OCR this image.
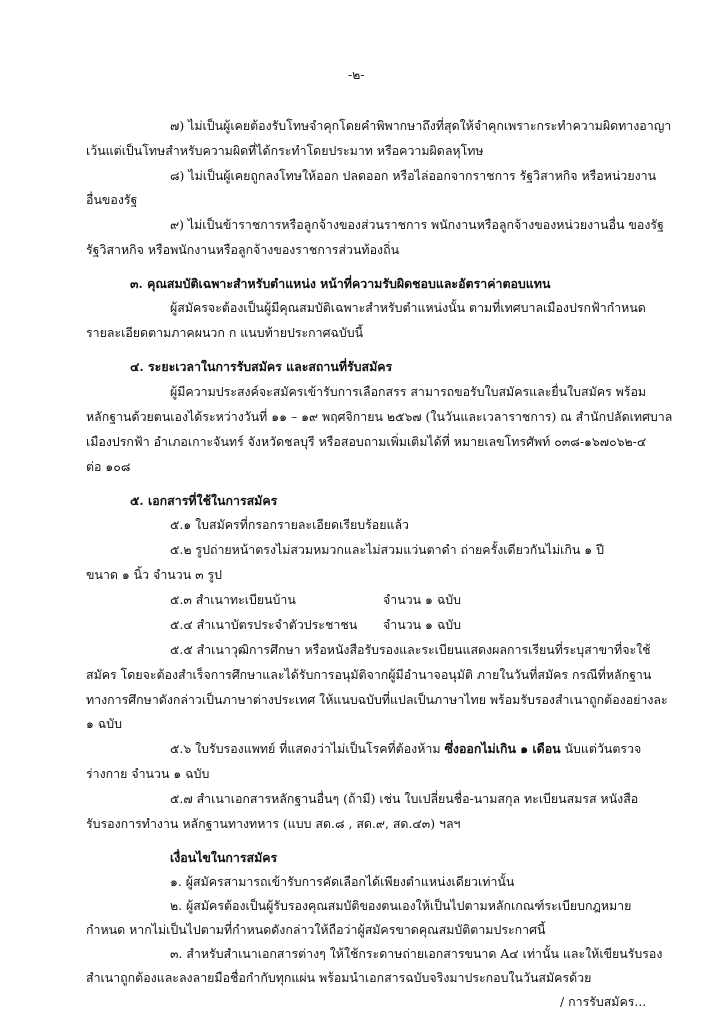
-๒-
๗) ไม่เป็นผู้เคยต้องรับโทษจำคุกโดยคำพิพากษาถึงที่สุดให้จำคุกเพราะกระทำความผิดทางอาญา
เว้นแต่เป็นโทษสำหรับความผิดที่ได้กระทำโดยประมาท หรือความผิดลหุโทษ
๘) ไม่เป็นผู้เคยถูกลงโทษให้ออก ปลดออก หรือไล่ออกจากราชการ รัฐวิสาหกิจ หรือหน่วยงาน
อื่นของรัฐ
๙) ไม่เป็นข้าราชการหรือลูกจ้างของส่วนราชการ พนักงานหรือลูกจ้างของหน่วยงานอื่น ของรัฐ
รัฐวิสาหกิจ หรือพนักงานหรือลูกจ้างของราชการส่วนท้องถิ่น
๓. คุณสมบัติเฉพาะสำหรับตำแหน่ง หน้าที่ความรับผิดชอบและอัตราค่าตอบแทน
ผู้สมัครจะต้องเป็นผู้มีคุณสมบัติเฉพาะสำหรับตำแหน่งนั้น ตามที่เทศบาลเมืองปรกฟ้ากำหนด
รายละเอียดตามภาคผนวก ก แนบท้ายประกาศฉบับนี้
๔. ระยะเวลาในการรับสมัคร และสถานที่รับสมัคร
ผู้มีความประสงค์จะสมัครเข้ารับการเลือกสรร สามารถขอรับใบสมัครและยื่นใบสมัคร พร้อม
หลักฐานด้วยตนเองได้ระหว่างวันที่ ๑๑ – ๑๙ พฤศจิกายน ๒๕๖๗ (ในวันและเวลาราชการ) ณ สำนักปลัดเทศบาล
เมืองปรกฟ้า อำเภอเกาะจันทร์ จังหวัดชลบุรี หรือสอบถามเพิ่มเติมได้ที่ หมายเลขโทรศัพท์ ๐๓๘-๑๖๗๐๖๒-๔
ต่อ ๑๐๘
๕. เอกสารที่ใช้ในการสมัคร
๕.๑ ใบสมัครที่กรอกรายละเอียดเรียบร้อยแล้ว
๕.๒ รูปถ่ายหน้าตรงไม่สวมหมวกและไม่สวมแว่นตาดำ ถ่ายครั้งเดียวกันไม่เกิน ๑ ปี
ขนาด ๑ นิ้ว จำนวน ๓ รูป
๕.๓ สำเนาทะเบียนบ้าน	จำนวน ๑ ฉบับ
๕.๔ สำเนาบัตรประจำตัวประชาชน จำนวน ๑ ฉบับ
๕.๕ สำเนาวุฒิการศึกษา หรือหนังสือรับรองและระเบียนแสดงผลการเรียนที่ระบุสาขาที่จะใช้
สมัคร โดยจะต้องสำเร็จการศึกษาและได้รับการอนุมัติจากผู้มีอำนาจอนุมัติ ภายในวันที่สมัคร กรณีที่หลักฐาน
ทางการศึกษาดังกล่าวเป็นภาษาต่างประเทศ ให้แนบฉบับที่แปลเป็นภาษาไทย พร้อมรับรองสำเนาถูกต้องอย่างละ
๑ ฉบับ
๕.๖ ใบรับรองแพทย์ ที่แสดงว่าไม่เป็นโรคที่ต้องห้าม ซึ่งออกไม่เกิน ๑ เดือน นับแต่วันตรวจ
ร่างกาย จำนวน ๑ ฉบับ
๕.๗ สำเนาเอกสารหลักฐานอื่นๆ (ถ้ามี) เช่น ใบเปลี่ยนชื่อ-นามสกุล ทะเบียนสมรส หนังสือ
รับรองการทำงาน หลักฐานทางทหาร (แบบ สด.๘ , สด.๙, สด.๔๓) ฯลฯ
เงื่อนไขในการสมัคร
๑. ผู้สมัครสามารถเข้ารับการคัดเลือกได้เพียงตำแหน่งเดียวเท่านั้น
๒. ผู้สมัครต้องเป็นผู้รับรองคุณสมบัติของตนเองให้เป็นไปตามหลักเกณฑ์ระเบียบกฎหมาย
กำหนด หากไม่เป็นไปตามที่กำหนดดังกล่าวให้ถือว่าผู้สมัครขาดคุณสมบัติตามประกาศนี้
๓. สำหรับสำเนาเอกสารต่างๆ ให้ใช้กระดาษถ่ายเอกสารขนาด A๔ เท่านั้น และให้เขียนรับรอง
สำเนาถูกต้องและลงลายมือชื่อกำกับทุกแผ่น พร้อมนำเอกสารฉบับจริงมาประกอบในวันสมัครด้วย
/ การรับสมัคร...
